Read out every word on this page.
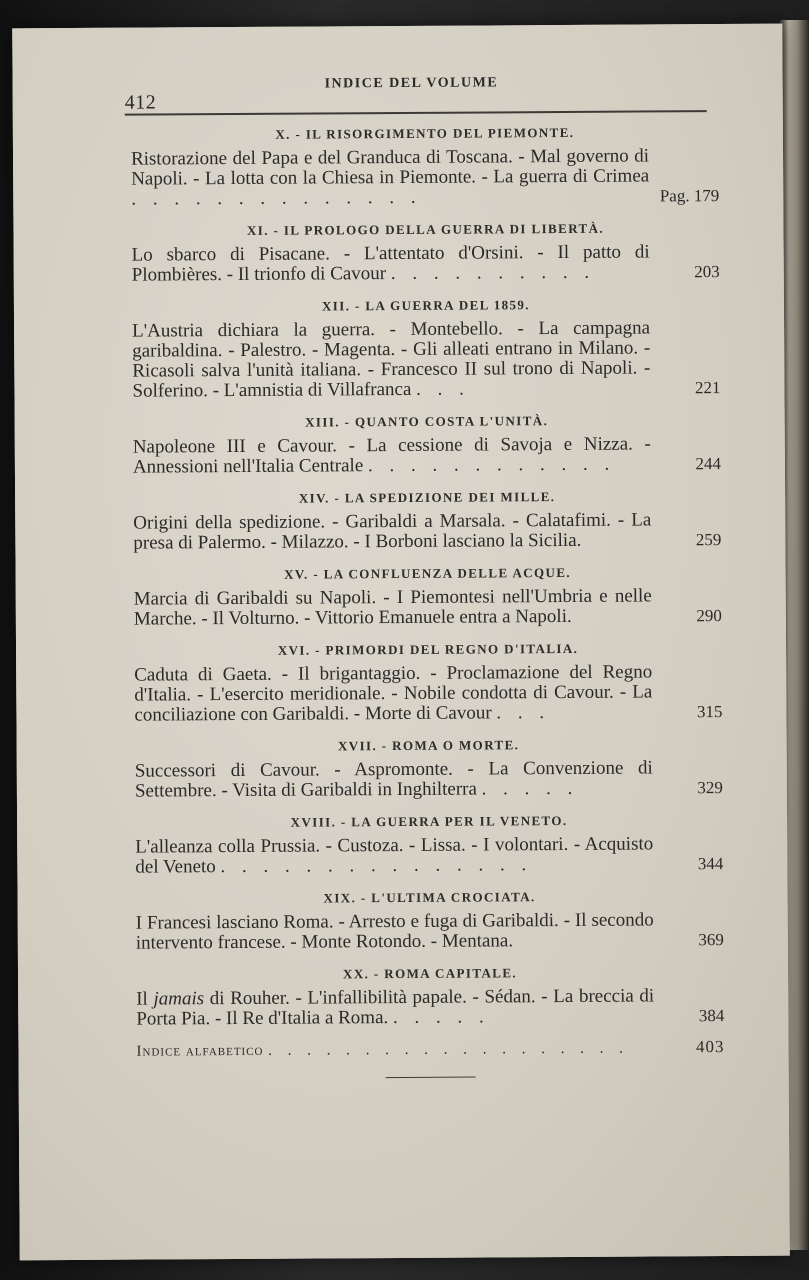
412
INDICE DEL VOLUME
X. - IL RISORGIMENTO DEL PIEMONTE.
Ristorazione del Papa e del Granduca di Toscana. - Mal governo di Napoli. - La lotta con la Chiesa in Piemonte. - La guerra di Crimea . . . . . . . . . . . . . .	Pag. 179
XI. - IL PROLOGO DELLA GUERRA DI LIBERTÀ.
Lo sbarco di Pisacane. - L'attentato d'Orsini. - Il patto di Plombières. - Il trionfo di Cavour . . . . . . . . . .	203
XII. - LA GUERRA DEL 1859.
L'Austria dichiara la guerra. - Montebello. - La campagna garibaldina. - Palestro. - Magenta. - Gli alleati entrano in Milano. - Ricasoli salva l'unità italiana. - Francesco II sul trono di Napoli. - Solferino. - L'amnistia di Villafranca . . .	221
XIII. - QUANTO COSTA L'UNITÀ.
Napoleone III e Cavour. - La cessione di Savoja e Nizza. - Annessioni nell'Italia Centrale . . . . . . . . . . . .	244
XIV. - LA SPEDIZIONE DEI MILLE.
Origini della spedizione. - Garibaldi a Marsala. - Calatafimi. - La presa di Palermo. - Milazzo. - I Borboni lasciano la Sicilia.	259
XV. - LA CONFLUENZA DELLE ACQUE.
Marcia di Garibaldi su Napoli. - I Piemontesi nell'Umbria e nelle Marche. - Il Volturno. - Vittorio Emanuele entra a Napoli.	290
XVI. - PRIMORDI DEL REGNO D'ITALIA.
Caduta di Gaeta. - Il brigantaggio. - Proclamazione del Regno d'Italia. - L'esercito meridionale. - Nobile condotta di Cavour. - La conciliazione con Garibaldi. - Morte di Cavour . . .	315
XVII. - ROMA O MORTE.
Successori di Cavour. - Aspromonte. - La Convenzione di Settembre. - Visita di Garibaldi in Inghilterra . . . . .	329
XVIII. - LA GUERRA PER IL VENETO.
L'alleanza colla Prussia. - Custoza. - Lissa. - I volontari. - Acquisto del Veneto . . . . . . . . . . . . . . .	344
XIX. - L'ULTIMA CROCIATA.
I Francesi lasciano Roma. - Arresto e fuga di Garibaldi. - Il secondo intervento francese. - Monte Rotondo. - Mentana.	369
XX. - ROMA CAPITALE.
Il jamais di Rouher. - L'infallibilità papale. - Sédan. - La breccia di Porta Pia. - Il Re d'Italia a Roma. . . . . .	384
Indice alfabetico . . . . . . . . . . . . . . . . . . .	403
